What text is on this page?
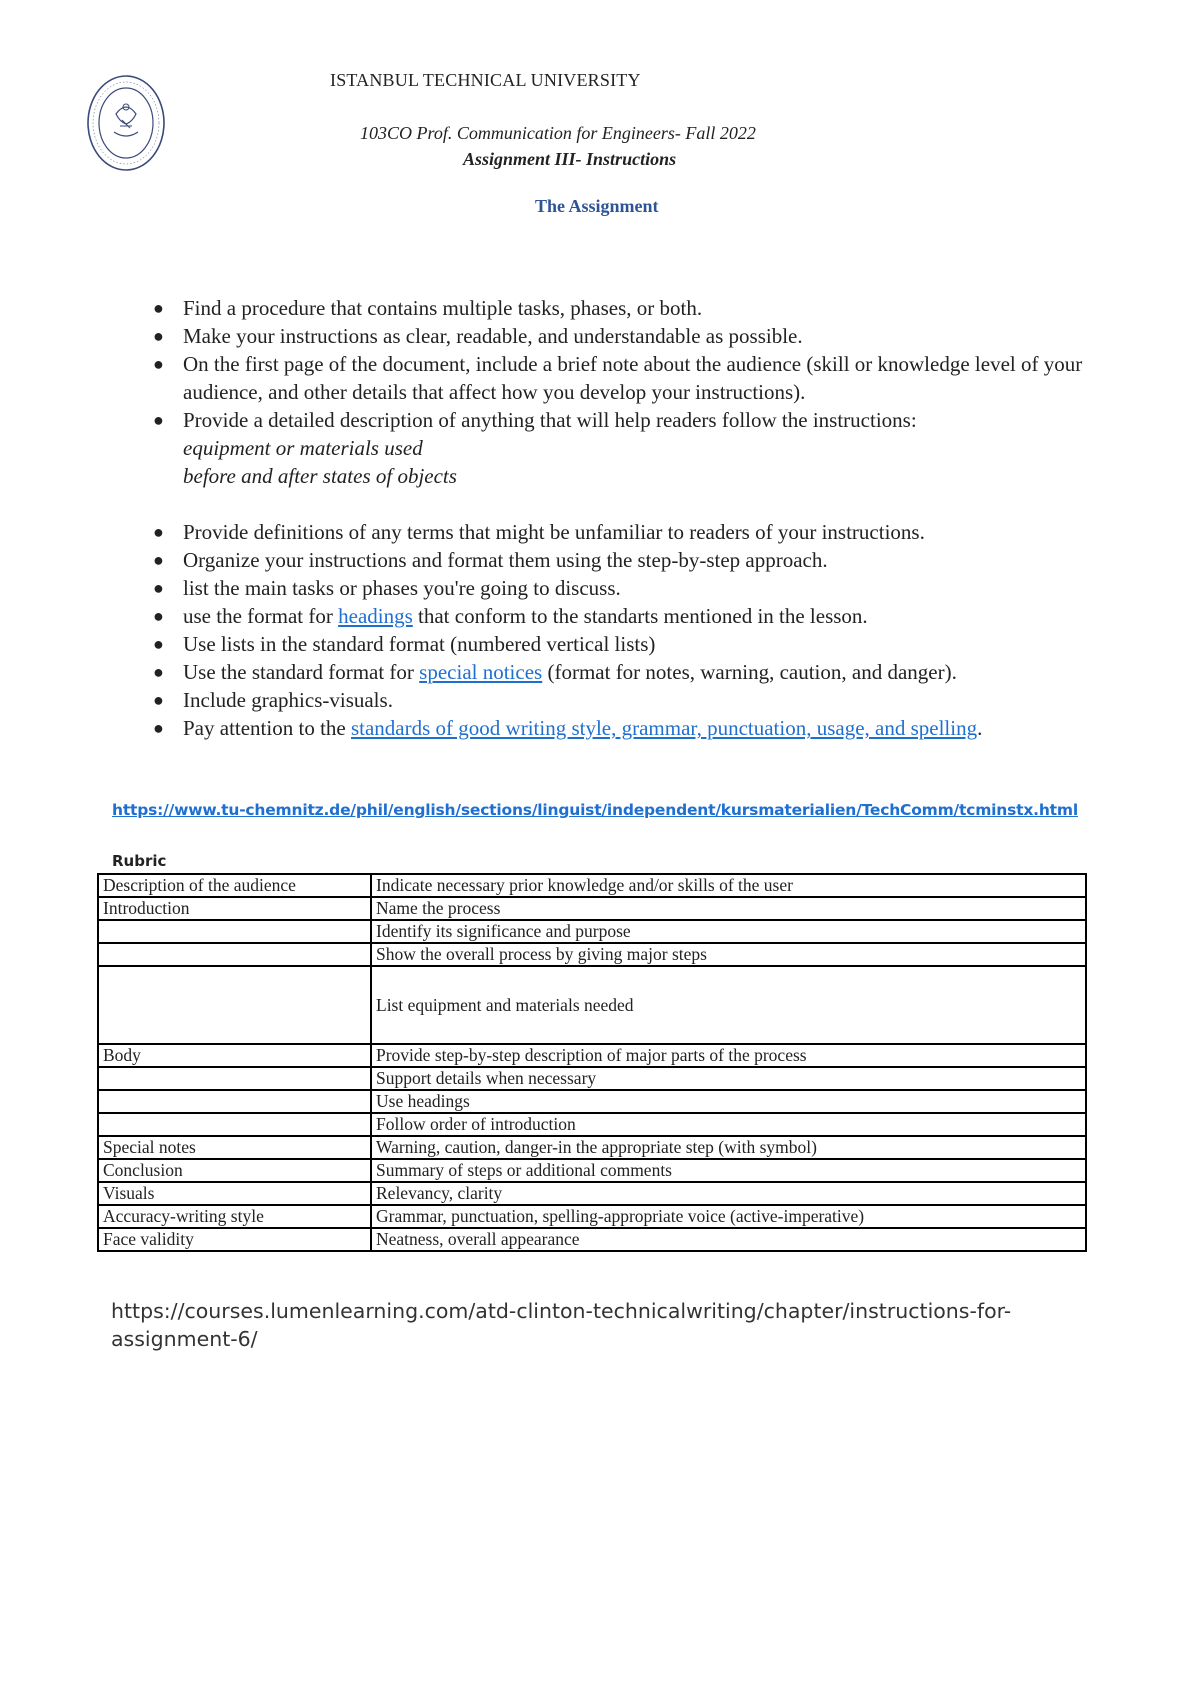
ISTANBUL TECHNICAL UNIVERSITY
103CO Prof. Communication for Engineers- Fall 2022
Assignment III- Instructions
The Assignment
● Find a procedure that contains multiple tasks, phases, or both.
● Make your instructions as clear, readable, and understandable as possible.
● On the first page of the document, include a brief note about the audience (skill or knowledge level of your audience, and other details that affect how you develop your instructions).
● Provide a detailed description of anything that will help readers follow the instructions:
equipment or materials used
before and after states of objects
● Provide definitions of any terms that might be unfamiliar to readers of your instructions.
● Organize your instructions and format them using the step-by-step approach.
● list the main tasks or phases you're going to discuss.
● use the format for headings that conform to the standarts mentioned in the lesson.
● Use lists in the standard format (numbered vertical lists)
● Use the standard format for special notices (format for notes, warning, caution, and danger).
● Include graphics-visuals.
● Pay attention to the standards of good writing style, grammar, punctuation, usage, and spelling.
https://www.tu-chemnitz.de/phil/english/sections/linguist/independent/kursmaterialien/TechComm/tcminstx.html
Rubric
Description of the audience	Indicate necessary prior knowledge and/or skills of the user
Introduction	Name the process
	Identify its significance and purpose
	Show the overall process by giving major steps
	List equipment and materials needed
Body	Provide step-by-step description of major parts of the process
	Support details when necessary
	Use headings
	Follow order of introduction
Special notes	Warning, caution, danger-in the appropriate step (with symbol)
Conclusion	Summary of steps or additional comments
Visuals	Relevancy, clarity
Accuracy-writing style	Grammar, punctuation, spelling-appropriate voice (active-imperative)
Face validity	Neatness, overall appearance
https://courses.lumenlearning.com/atd-clinton-technicalwriting/chapter/instructions-for-assignment-6/
